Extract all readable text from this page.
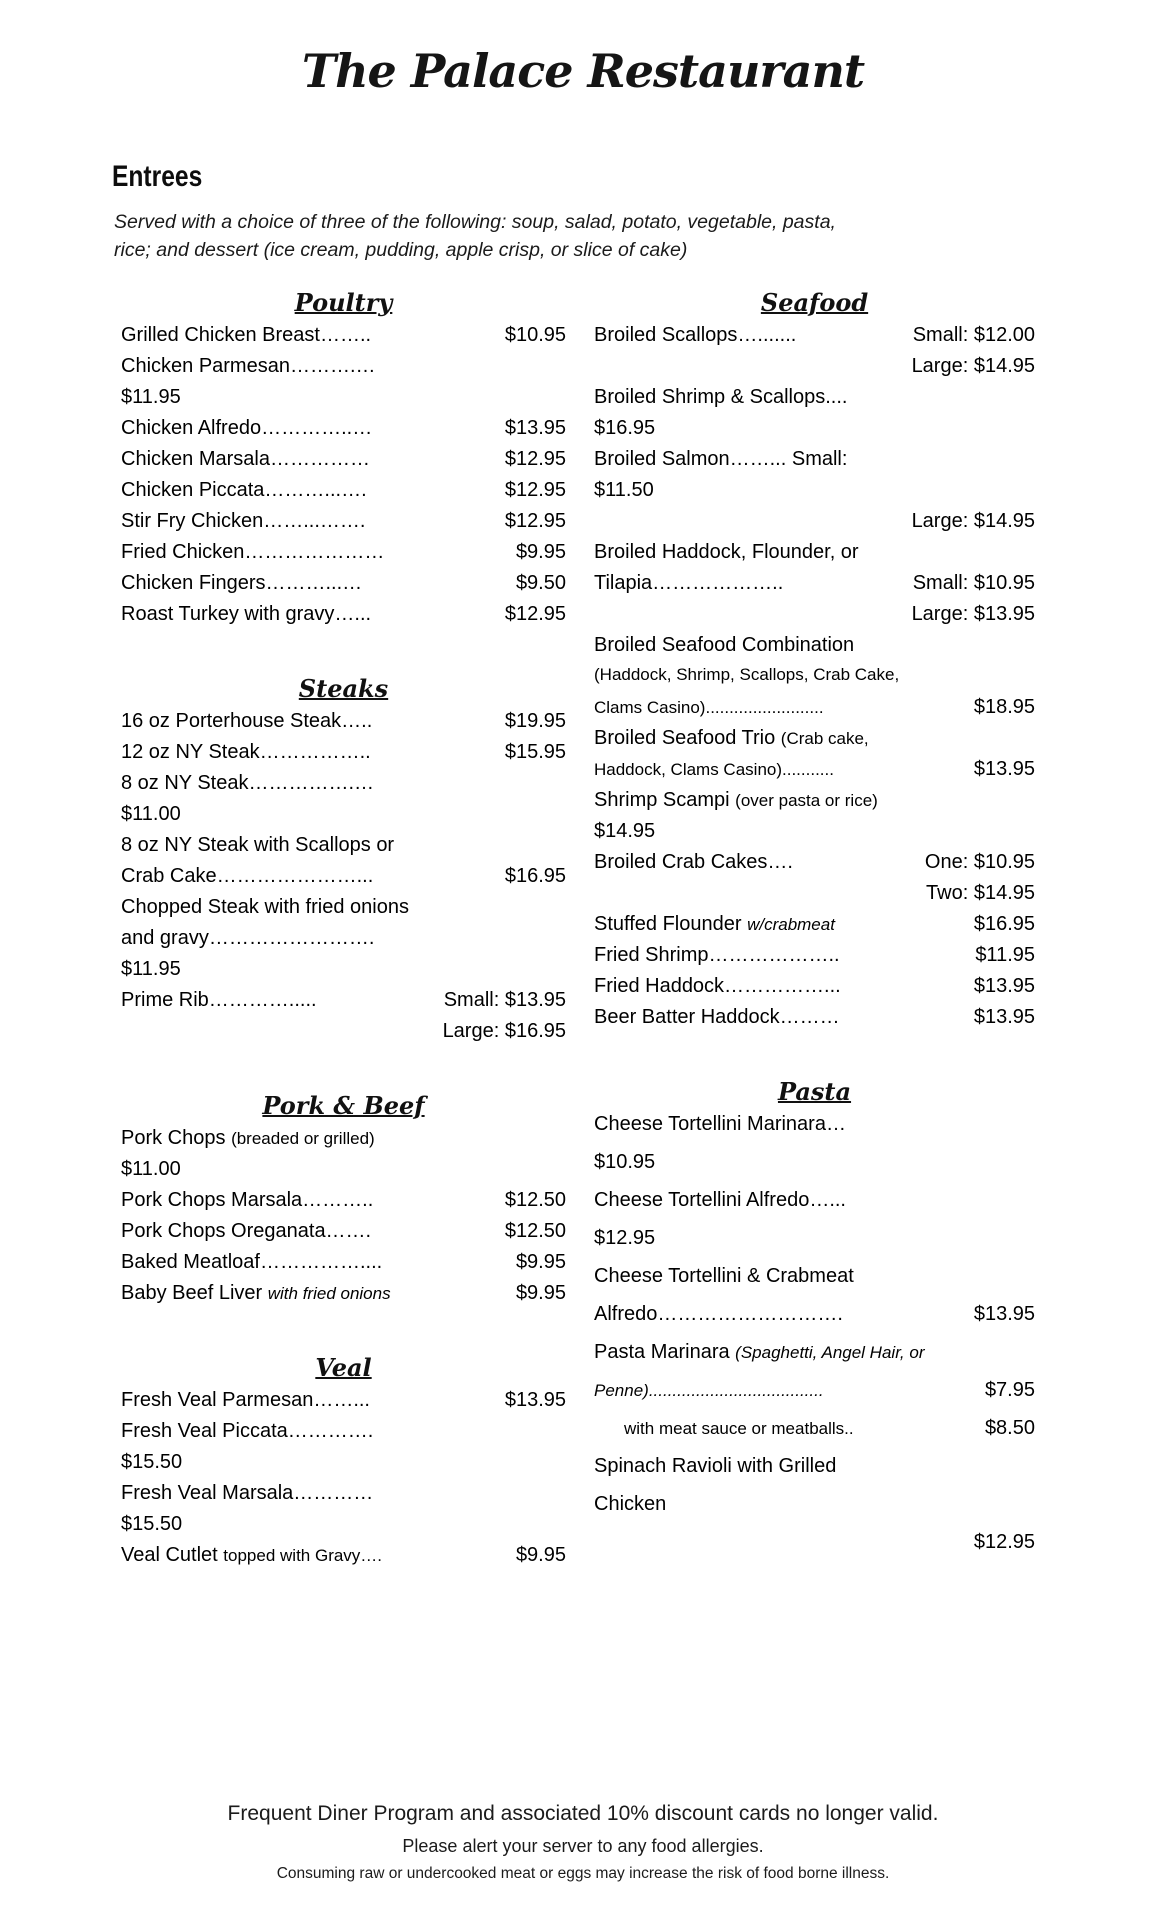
The Palace Restaurant
Entrees
Served with a choice of three of the following: soup, salad, potato, vegetable, pasta,
rice; and dessert (ice cream, pudding, apple crisp, or slice of cake)
Poultry
Grilled Chicken Breast……..	$10.95
Chicken Parmesan……….…
$11.95
Chicken Alfredo…………..…	$13.95
Chicken Marsala……………	$12.95
Chicken Piccata………...….	$12.95
Stir Fry Chicken……...…….	$12.95
Fried Chicken…………………	$9.95
Chicken Fingers………...…	$9.50
Roast Turkey with gravy…...	$12.95
Steaks
16 oz Porterhouse Steak…..	$19.95
12 oz NY Steak……………..	$15.95
8 oz NY Steak…………….…
$11.00
8 oz NY Steak with Scallops or
Crab Cake…………………...	$16.95
Chopped Steak with fried onions
and gravy…………………….
$11.95
Prime Rib………….....	Small: $13.95
Large: $16.95
Pork & Beef
Pork Chops (breaded or grilled)
$11.00
Pork Chops Marsala………..	$12.50
Pork Chops Oreganata…….	$12.50
Baked Meatloaf……………....	$9.95
Baby Beef Liver with fried onions	$9.95
Veal
Fresh Veal Parmesan……...	$13.95
Fresh Veal Piccata………….
$15.50
Fresh Veal Marsala…………
$15.50
Veal Cutlet topped with Gravy….	$9.95
Seafood
Broiled Scallops….......	Small: $12.00
Large: $14.95
Broiled Shrimp & Scallops....
$16.95
Broiled Salmon……... Small:
$11.50
Large: $14.95
Broiled Haddock, Flounder, or
Tilapia………………..	Small: $10.95
Large: $13.95
Broiled Seafood Combination
(Haddock, Shrimp, Scallops, Crab Cake,
Clams Casino).........................	$18.95
Broiled Seafood Trio (Crab cake,
Haddock, Clams Casino)...........	$13.95
Shrimp Scampi (over pasta or rice)
$14.95
Broiled Crab Cakes….	One: $10.95
Two: $14.95
Stuffed Flounder w/crabmeat	$16.95
Fried Shrimp………………..	$11.95
Fried Haddock……………...	$13.95
Beer Batter Haddock………	$13.95
Pasta
Cheese Tortellini Marinara…
$10.95
Cheese Tortellini Alfredo…...
$12.95
Cheese Tortellini & Crabmeat
Alfredo……………………….	$13.95
Pasta Marinara (Spaghetti, Angel Hair, or
Penne).....................................	$7.95
with meat sauce or meatballs..	$8.50
Spinach Ravioli with Grilled
Chicken
$12.95
Frequent Diner Program and associated 10% discount cards no longer valid.
Please alert your server to any food allergies.
Consuming raw or undercooked meat or eggs may increase the risk of food borne illness.
